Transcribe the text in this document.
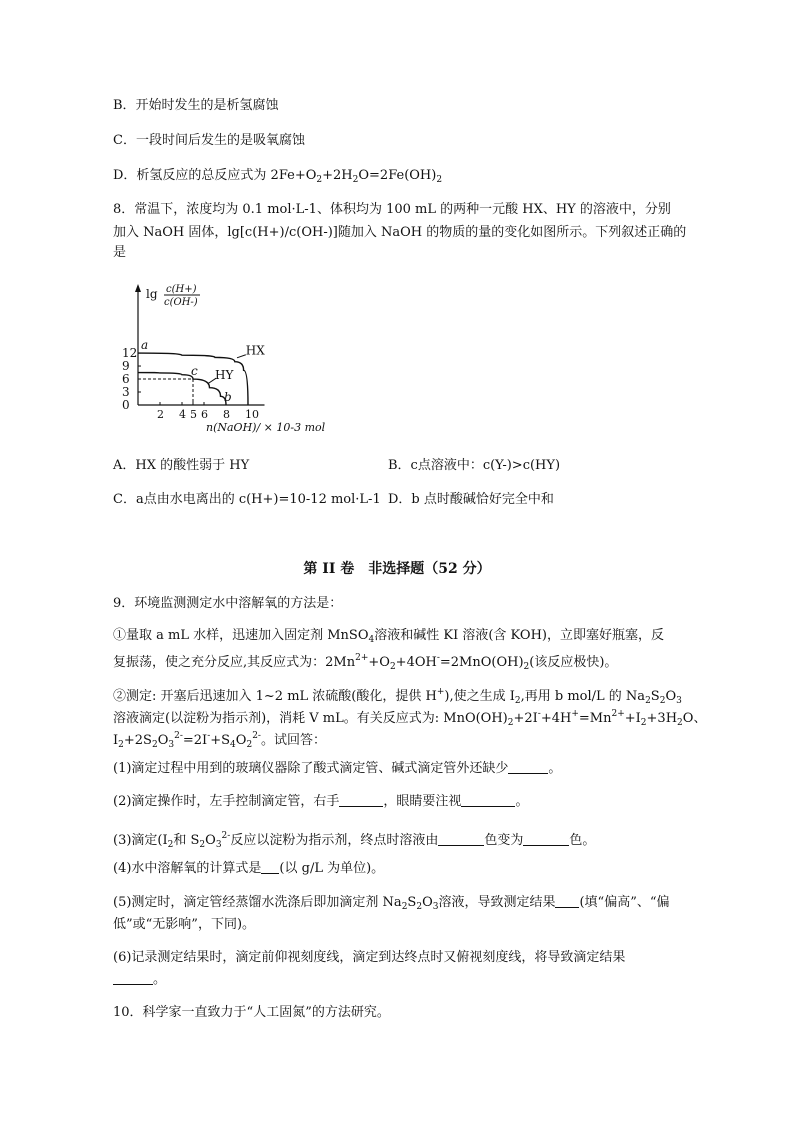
B．开始时发生的是析氢腐蚀
C．一段时间后发生的是吸氧腐蚀
D．析氢反应的总反应式为 $2Fe+O_2+2H_2O=2Fe(OH)_2$
8．常温下，浓度均为 0.1 mol·L-1、体积均为 100 mL 的两种一元酸 HX、HY 的溶液中，分别
加入 NaOH 固体，lg[c(H+)/c(OH-)]随加入 NaOH 的物质的量的变化如图所示。下列叙述正确的
是
12
9
6
3
0
2 4 5 6 8 10
HX
HY
a
c
b
lg c(H+)
c(OH-)
n(NaOH)/ × 10-3 mol
A．HX 的酸性弱于 HY	B．c点溶液中：c(Y-)>c(HY)
C．a点由水电离出的 c(H+)=10-12 mol·L-1 D．b 点时酸碱恰好完全中和
第 II 卷　非选择题（52 分）
9．环境监测测定水中溶解氧的方法是：
①量取 a mL 水样，迅速加入固定剂 MnSO$_4$溶液和碱性 KI 溶液(含 KOH)，立即塞好瓶塞，反
复振荡，使之充分反应,其反应式为：$2Mn^{2+}+O_2+4OH^-=2MnO(OH)_2$(该反应极快)。
②测定: 开塞后迅速加入 1~2 mL 浓硫酸(酸化，提供 H+),使之生成 $I_2$,再用 b mol/L 的 $Na_2S_2O_3$
溶液滴定(以淀粉为指示剂)，消耗 V mL。有关反应式为: $MnO(OH)_2+2I^-+4H^+=Mn^{2+}+I_2+3H_2O$、
$I_2+2S_2O_3^{2-}=2I^-+S_4O_2^{2-}$。试回答：
(1)滴定过程中用到的玻璃仪器除了酸式滴定管、碱式滴定管外还缺少	。
(2)滴定操作时，左手控制滴定管，右手	，眼睛要注视	。
(3)滴定($I_2$和 $S_2O_3^{2-}$反应以淀粉为指示剂，终点时溶液由	色变为	色。
(4)水中溶解氧的计算式是 (以 g/L 为单位)。
(5)测定时，滴定管经蒸馏水洗涤后即加滴定剂 $Na_2S_2O_3$溶液，导致测定结果 (填“偏高”、“偏
低”或“无影响”，下同)。
(6)记录测定结果时，滴定前仰视刻度线，滴定到达终点时又俯视刻度线，将导致滴定结果
。
10．科学家一直致力于“人工固氮”的方法研究。
